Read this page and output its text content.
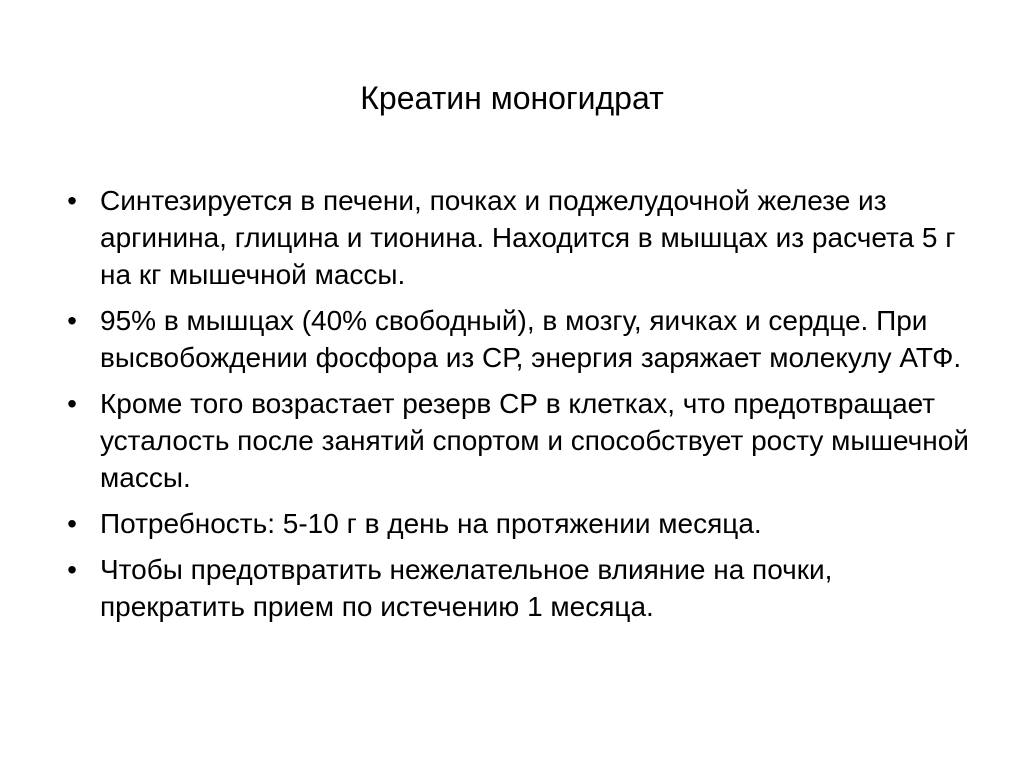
Креатин моногидрат
• Синтезируется в печени, почках и поджелудочной железе из аргинина, глицина и тионина. Находится в мышцах из расчета 5 г на кг мышечной массы.
• 95% в мышцах (40% свободный), в мозгу, яичках и сердце. При высвобождении фосфора из СР, энергия заряжает молекулу АТФ.
• Кроме того возрастает резерв СР в клетках, что предотвращает усталость после занятий спортом и способствует росту мышечной массы.
• Потребность: 5-10 г в день на протяжении месяца.
• Чтобы предотвратить нежелательное влияние на почки, прекратить прием по истечению 1 месяца.
